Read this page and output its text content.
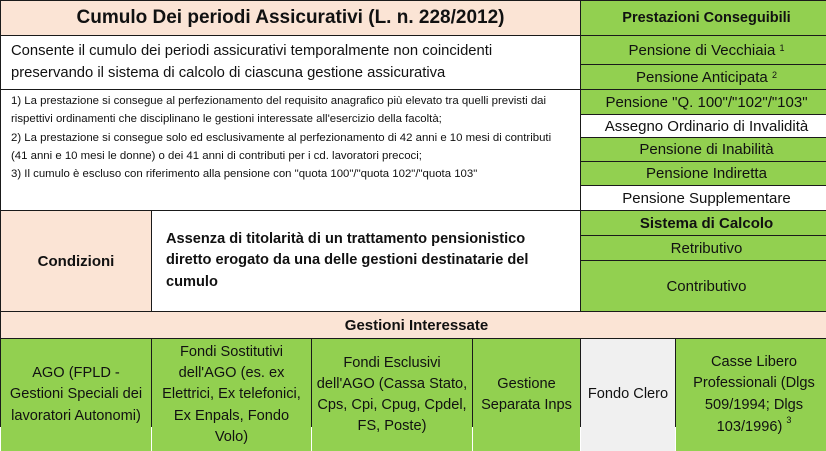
Cumulo Dei periodi Assicurativi (L. n. 228/2012)	Prestazioni Conseguibili
Consente il cumulo dei periodi assicurativi temporalmente non coincidenti preservando il sistema di calcolo di ciascuna gestione assicurativa
1) La prestazione si consegue al perfezionamento del requisito anagrafico più elevato tra quelli previsti dai rispettivi ordinamenti che disciplinano le gestioni interessate all'esercizio della facoltà;
2) La prestazione si consegue solo ed esclusivamente al perfezionamento di 42 anni e 10 mesi di contributi (41 anni e 10 mesi le donne) o dei 41 anni di contributi per i cd. lavoratori precoci;
3) Il cumulo è escluso con riferimento alla pensione con "quota 100"/"quota 102"/"quota 103"
Pensione di Vecchiaia
$^1$
Pensione Anticipata
$^2$
Pensione "Q. 100"/"102"/"103"
Assegno Ordinario di Invalidità
Pensione di Inabilità
Pensione Indiretta
Pensione Supplementare
Condizioni
Assenza di titolarità di un trattamento pensionistico diretto erogato da una delle gestioni destinatarie del cumulo
Sistema di Calcolo
Retributivo
Contributivo
Gestioni Interessate
AGO (FPLD - Gestioni Speciali dei lavoratori Autonomi)
Fondi Sostitutivi dell'AGO (es. ex Elettrici, Ex telefonici, Ex Enpals, Fondo Volo)
Fondi Esclusivi dell'AGO (Cassa Stato, Cps, Cpi, Cpug, Cpdel, FS, Poste)
Gestione Separata Inps
Fondo Clero
Casse Libero Professionali (Dlgs 509/1994; Dlgs 103/1996) $^3$
